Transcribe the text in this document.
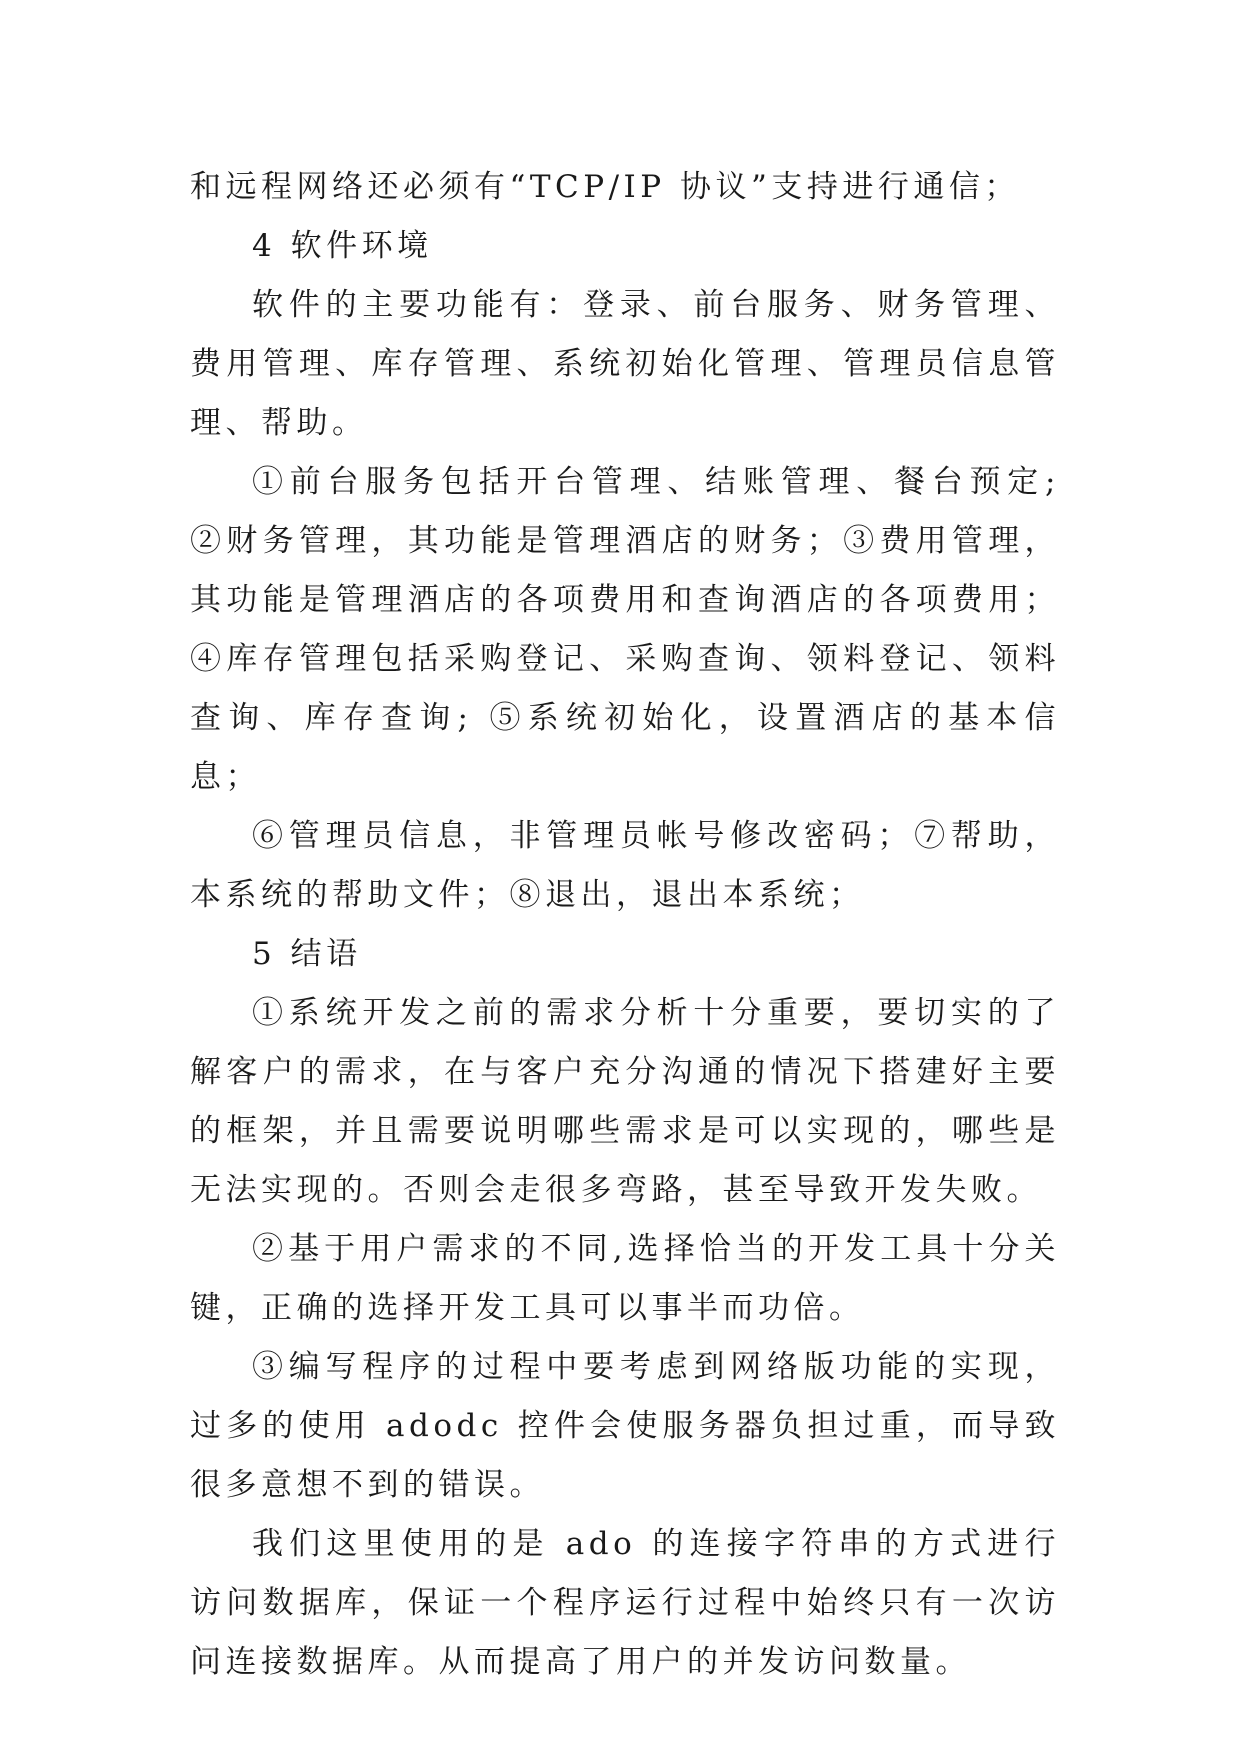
和远程网络还必须有“TCP/IP 协议”支持进行通信；

4 软件环境

软件的主要功能有：登录、前台服务、财务管理、费用管理、库存管理、系统初始化管理、管理员信息管理、帮助。

①前台服务包括开台管理、结账管理、餐台预定; ②财务管理，其功能是管理酒店的财务；③费用管理，其功能是管理酒店的各项费用和查询酒店的各项费用；④库存管理包括采购登记、采购查询、领料登记、领料查询、库存查询; ⑤系统初始化，设置酒店的基本信息；

⑥管理员信息，非管理员帐号修改密码；⑦帮助，本系统的帮助文件；⑧退出，退出本系统；

5 结语

①系统开发之前的需求分析十分重要，要切实的了解客户的需求，在与客户充分沟通的情况下搭建好主要的框架，并且需要说明哪些需求是可以实现的，哪些是无法实现的。否则会走很多弯路，甚至导致开发失败。

②基于用户需求的不同,选择恰当的开发工具十分关键，正确的选择开发工具可以事半而功倍。

③编写程序的过程中要考虑到网络版功能的实现，过多的使用 adodc 控件会使服务器负担过重，而导致很多意想不到的错误。

我们这里使用的是 ado 的连接字符串的方式进行访问数据库，保证一个程序运行过程中始终只有一次访问连接数据库。从而提高了用户的并发访问数量。
